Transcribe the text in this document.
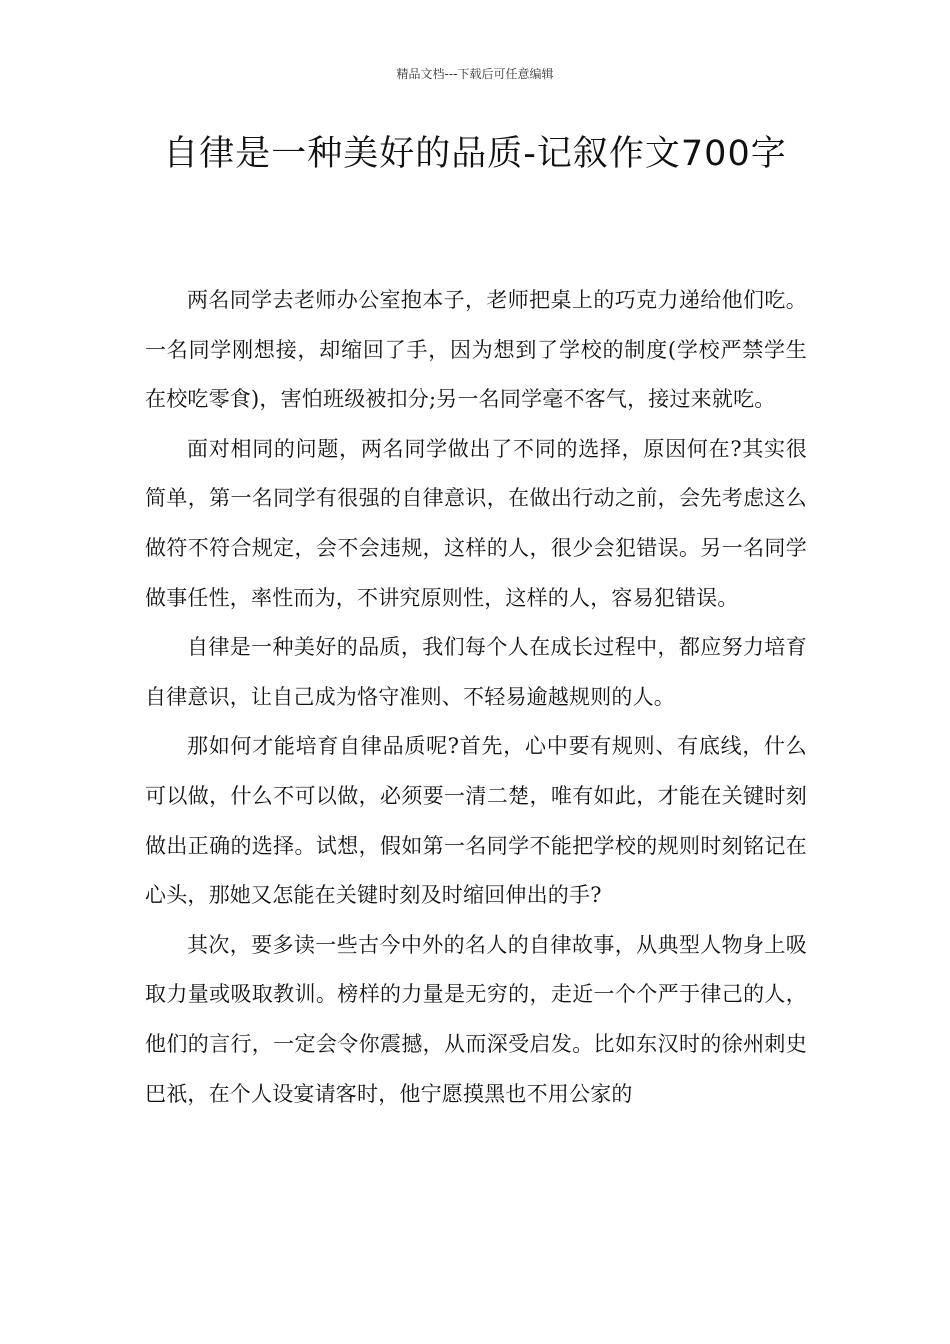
精品文档---下载后可任意编辑
自律是一种美好的品质-记叙作文700字

两名同学去老师办公室抱本子，老师把桌上的巧克力递给他们吃。一名同学刚想接，却缩回了手，因为想到了学校的制度(学校严禁学生在校吃零食)，害怕班级被扣分;另一名同学毫不客气，接过来就吃。

面对相同的问题，两名同学做出了不同的选择，原因何在?其实很简单，第一名同学有很强的自律意识，在做出行动之前，会先考虑这么做符不符合规定，会不会违规，这样的人，很少会犯错误。另一名同学做事任性，率性而为，不讲究原则性，这样的人，容易犯错误。

自律是一种美好的品质，我们每个人在成长过程中，都应努力培育自律意识，让自己成为恪守准则、不轻易逾越规则的人。

那如何才能培育自律品质呢?首先，心中要有规则、有底线，什么可以做，什么不可以做，必须要一清二楚，唯有如此，才能在关键时刻做出正确的选择。试想，假如第一名同学不能把学校的规则时刻铭记在心头，那她又怎能在关键时刻及时缩回伸出的手?

其次，要多读一些古今中外的名人的自律故事，从典型人物身上吸取力量或吸取教训。榜样的力量是无穷的，走近一个个严于律己的人，他们的言行，一定会令你震撼，从而深受启发。比如东汉时的徐州刺史巴祇，在个人设宴请客时，他宁愿摸黑也不用公家的
